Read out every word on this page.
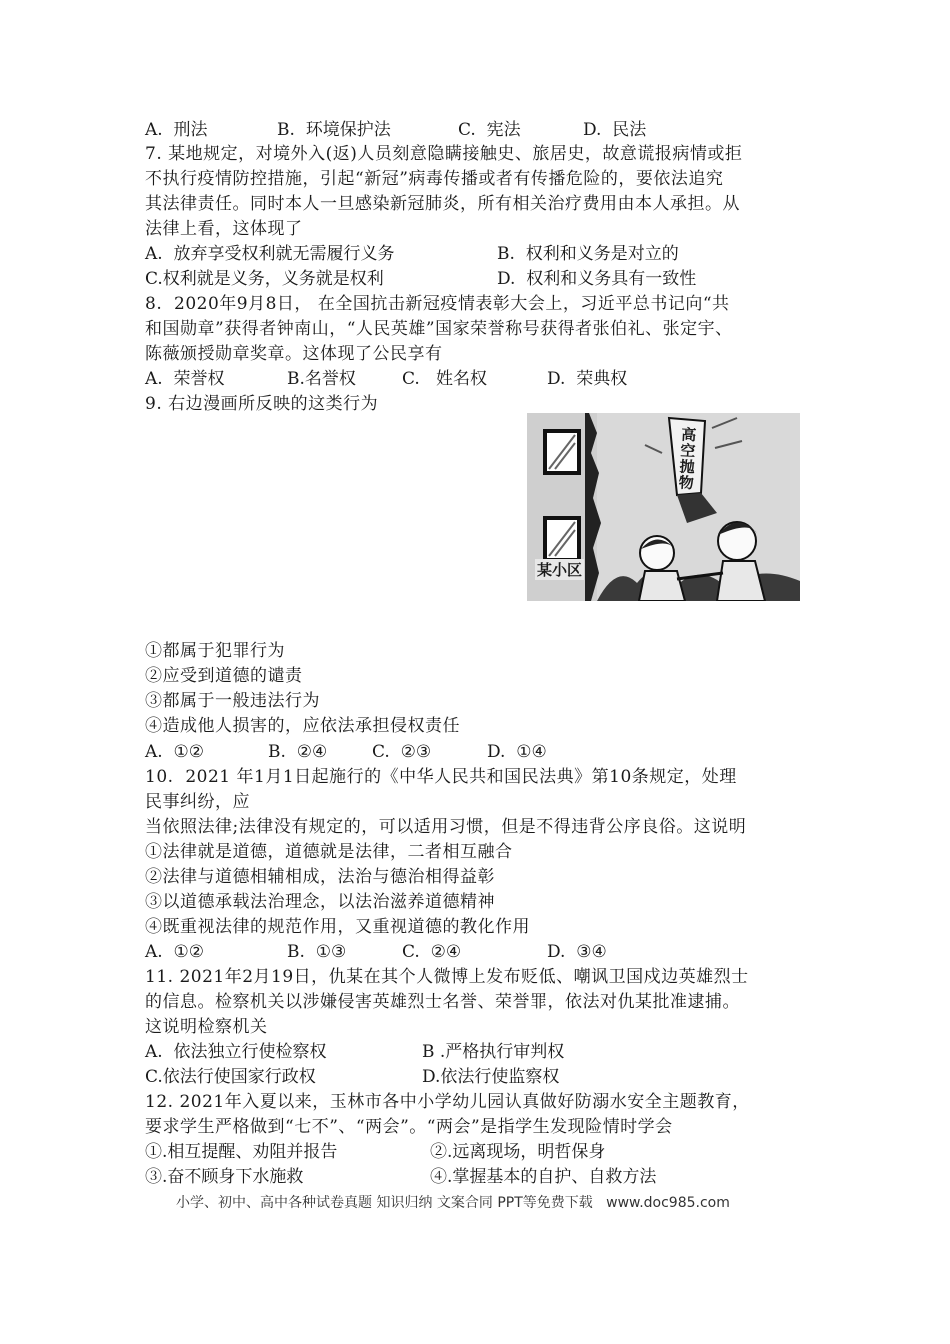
A.  刑法	B.  环境保护法	C.  宪法	D.  民法
7. 某地规定，对境外入(返)人员刻意隐瞒接触史、旅居史，故意谎报病情或拒
不执行疫情防控措施，引起“新冠”病毒传播或者有传播危险的，要依法追究
其法律责任。同时本人一旦感染新冠肺炎，所有相关治疗费用由本人承担。从
法律上看，这体现了
A.  放弃享受权利就无需履行义务	B.  权利和义务是对立的
C.权利就是义务，义务就是权利	D.  权利和义务具有一致性
8.  2020年9月8日， 在全国抗击新冠疫情表彰大会上，习近平总书记向“共
和国勋章”获得者钟南山，“人民英雄”国家荣誉称号获得者张伯礼、张定宇、
陈薇颁授勋章奖章。这体现了公民享有
A.  荣誉权	B.名誉权	C.   姓名权	D.  荣典权
9. 右边漫画所反映的这类行为
高空抛物
某小区
①都属于犯罪行为
②应受到道德的谴责
③都属于一般违法行为
④造成他人损害的，应依法承担侵权责任
A.  ①②	B.  ②④	C.  ②③	D.  ①④
10.  2021 年1月1日起施行的《中华人民共和国民法典》第10条规定，处理
民事纠纷，应
当依照法律;法律没有规定的，可以适用习惯，但是不得违背公序良俗。这说明
①法律就是道德，道德就是法律，二者相互融合
②法律与道德相辅相成，法治与德治相得益彰
③以道德承载法治理念，以法治滋养道德精神
④既重视法律的规范作用，又重视道德的教化作用
A.  ①②	B.  ①③	C.  ②④	D.  ③④
11. 2021年2月19日，仇某在其个人微博上发布贬低、嘲讽卫国戍边英雄烈士
的信息。检察机关以涉嫌侵害英雄烈士名誉、荣誉罪，依法对仇某批准逮捕。
这说明检察机关
A.  依法独立行使检察权	B .严格执行审判权
C.依法行使国家行政权	D.依法行使监察权
12. 2021年入夏以来，玉林市各中小学幼儿园认真做好防溺水安全主题教育，
要求学生严格做到“七不”、“两会”。“两会”是指学生发现险情时学会
①.相互提醒、劝阻并报告	②.远离现场，明哲保身
③.奋不顾身下水施救	④.掌握基本的自护、自救方法
小学、初中、高中各种试卷真题 知识归纳 文案合同 PPT等免费下载   www.doc985.com
